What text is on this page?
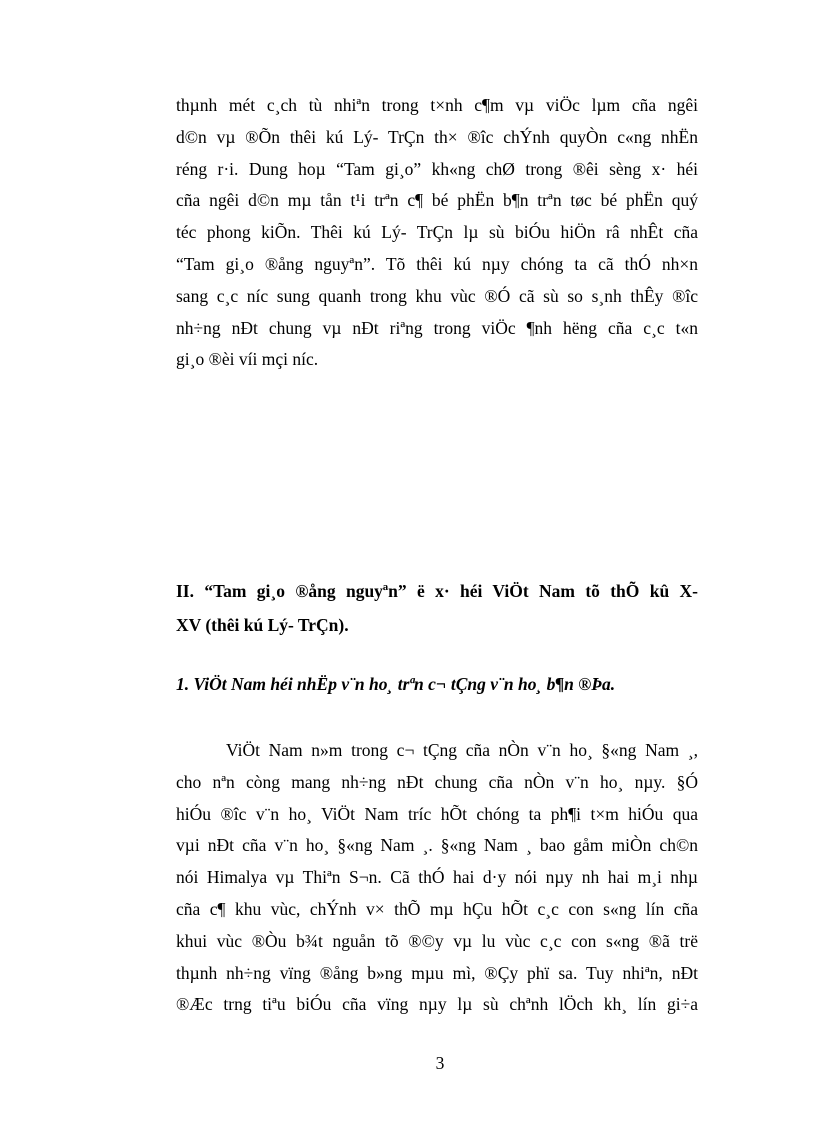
thµnh mét c¸ch tù nhiªn trong t×nh c¶m vµ viÖc lµm cña ngêi
d©n vµ ®Õn thêi kú Lý- TrÇn th× ®îc chÝnh quyÒn c«ng nhËn
réng r·i. Dung hoµ “Tam gi¸o” kh«ng chØ trong ®êi sèng x· héi
cña ngêi d©n mµ tån t¹i trªn c¶ bé phËn b¶n trªn tøc bé phËn quý
téc phong kiÕn. Thêi kú Lý- TrÇn lµ sù biÓu hiÖn râ nhÊt cña
“Tam gi¸o ®ång nguyªn”. Tõ thêi kú nµy chóng ta cã thÓ nh×n
sang c¸c níc sung quanh trong khu vùc ®Ó cã sù so s¸nh thÊy ®îc
nh÷ng nÐt chung vµ nÐt riªng trong viÖc ¶nh hëng cña c¸c t«n
gi¸o ®èi víi mçi níc.
II. “Tam gi¸o ®ång nguyªn” ë x· héi ViÖt Nam tõ thÕ kû X-
XV (thêi kú Lý- TrÇn).

1. ViÖt Nam héi nhËp v¨n ho¸ trªn c¬ tÇng v¨n ho¸ b¶n ®Þa.

ViÖt Nam n»m trong c¬ tÇng cña nÒn v¨n ho¸ §«ng Nam ¸,
cho nªn còng mang nh÷ng nÐt chung cña nÒn v¨n ho¸ nµy. §Ó
hiÓu ®îc v¨n ho¸ ViÖt Nam tríc hÕt chóng ta ph¶i t×m hiÓu qua
vµi nÐt cña v¨n ho¸ §«ng Nam ¸. §«ng Nam ¸ bao gåm miÒn ch©n
nói Himalya vµ Thiªn S¬n. Cã thÓ hai d·y nói nµy nh hai m¸i nhµ
cña c¶ khu vùc, chÝnh v× thÕ mµ hÇu hÕt c¸c con s«ng lín cña
khui vùc ®Òu b¾t nguån tõ ®©y vµ lu vùc c¸c con s«ng ®ã trë
thµnh nh÷ng vïng ®ång b»ng mµu mì, ®Çy phï sa. Tuy nhiªn, nÐt
®Æc trng tiªu biÓu cña vïng nµy lµ sù chªnh lÖch kh¸ lín gi÷a

3
